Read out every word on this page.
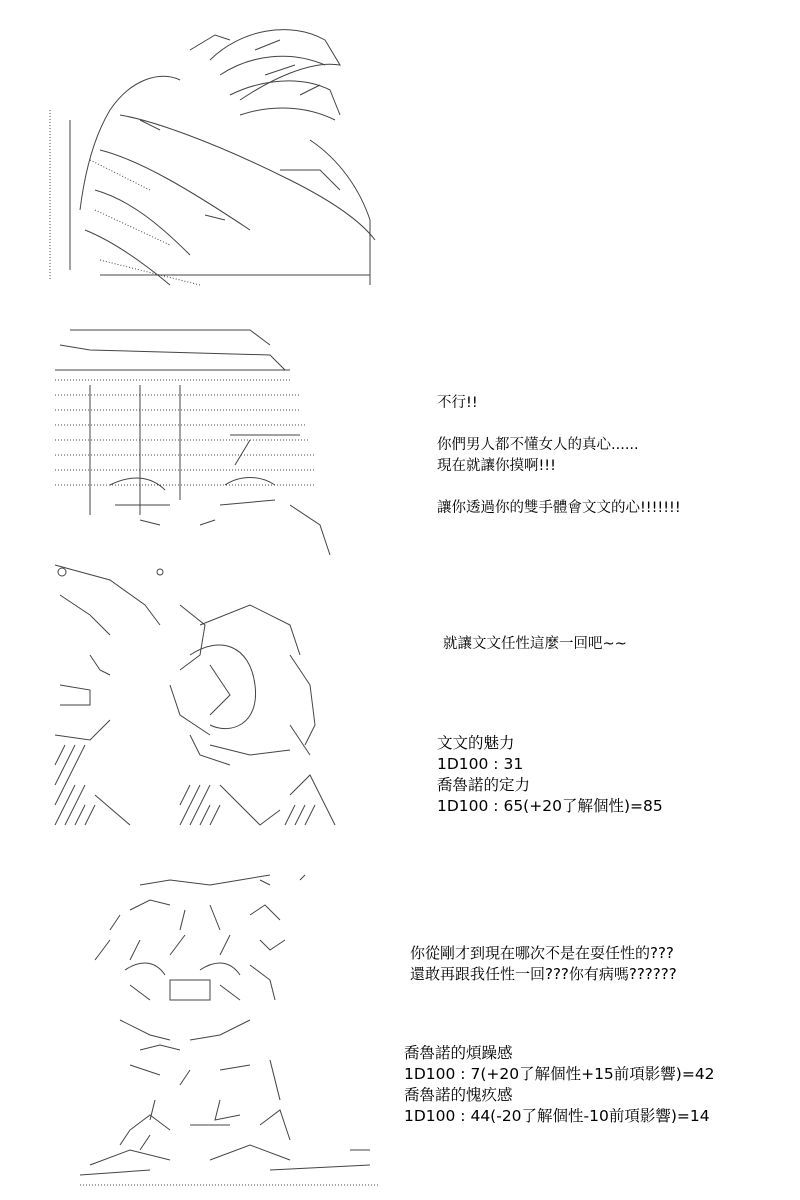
不行!!
你們男人都不懂女人的真心......
現在就讓你摸啊!!!
讓你透過你的雙手體會文文的心!!!!!!!
就讓文文任性這麼一回吧~~
文文的魅力
1D100 : 31
喬魯諾的定力
1D100 : 65(+20了解個性)=85
你從剛才到現在哪次不是在耍任性的???
還敢再跟我任性一回???你有病嗎??????
喬魯諾的煩躁感
1D100 : 7(+20了解個性+15前項影響)=42
喬魯諾的愧疚感
1D100 : 44(-20了解個性-10前項影響)=14
